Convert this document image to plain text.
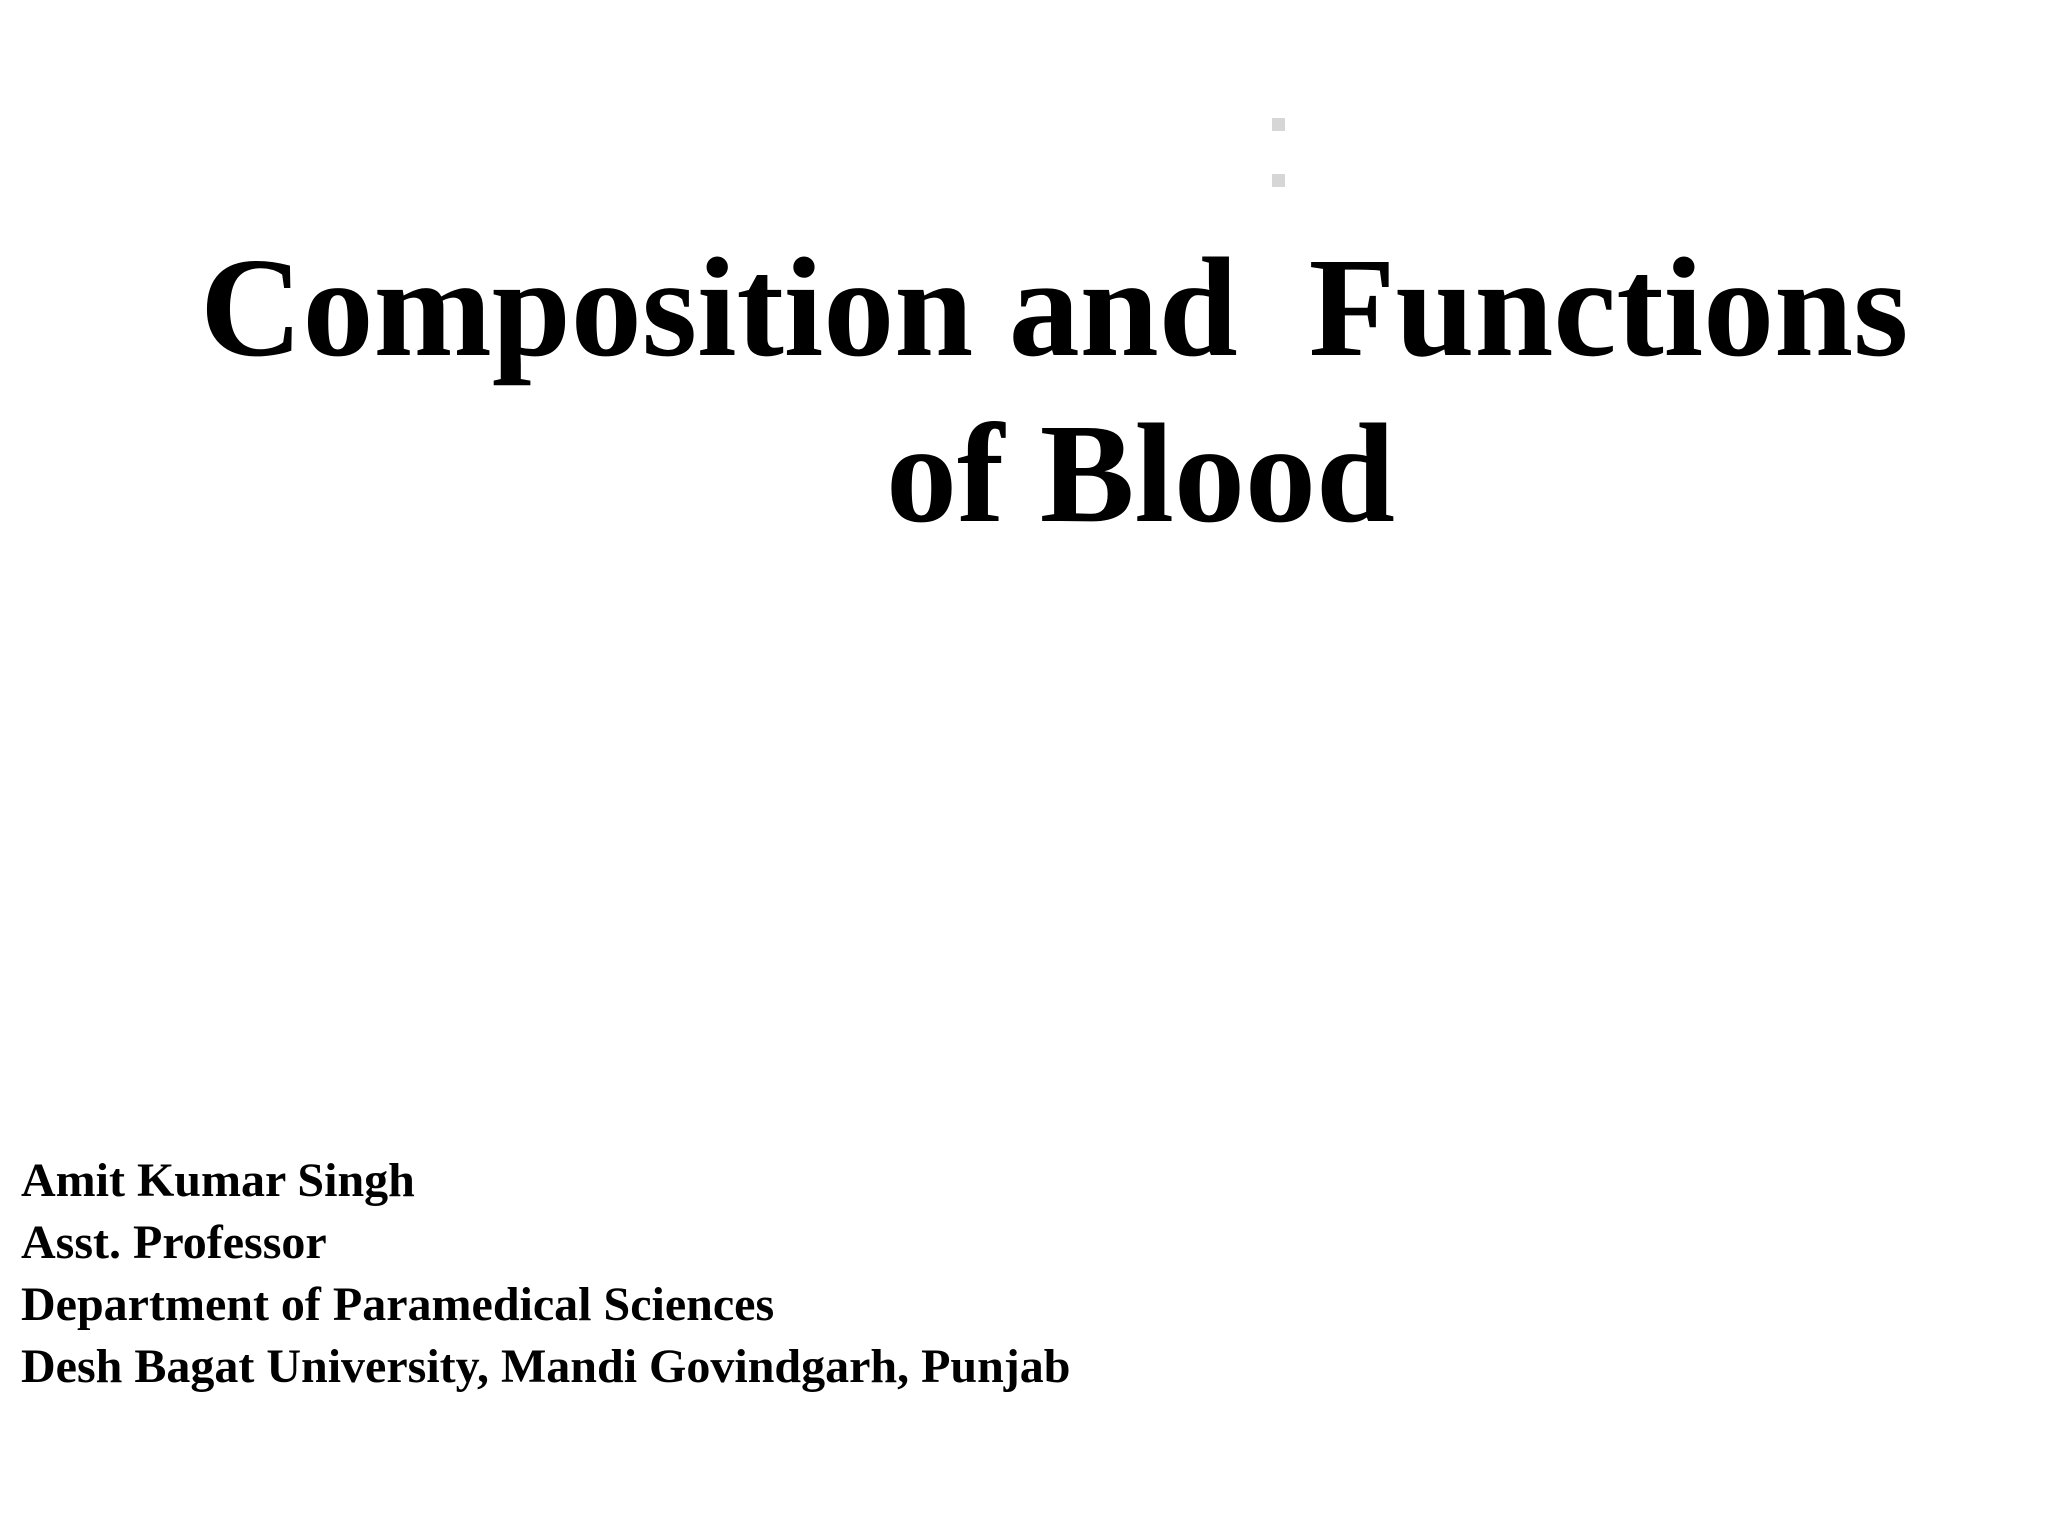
Composition and  Functions
of Blood
Amit Kumar Singh
Asst. Professor
Department of Paramedical Sciences
Desh Bagat University, Mandi Govindgarh, Punjab
